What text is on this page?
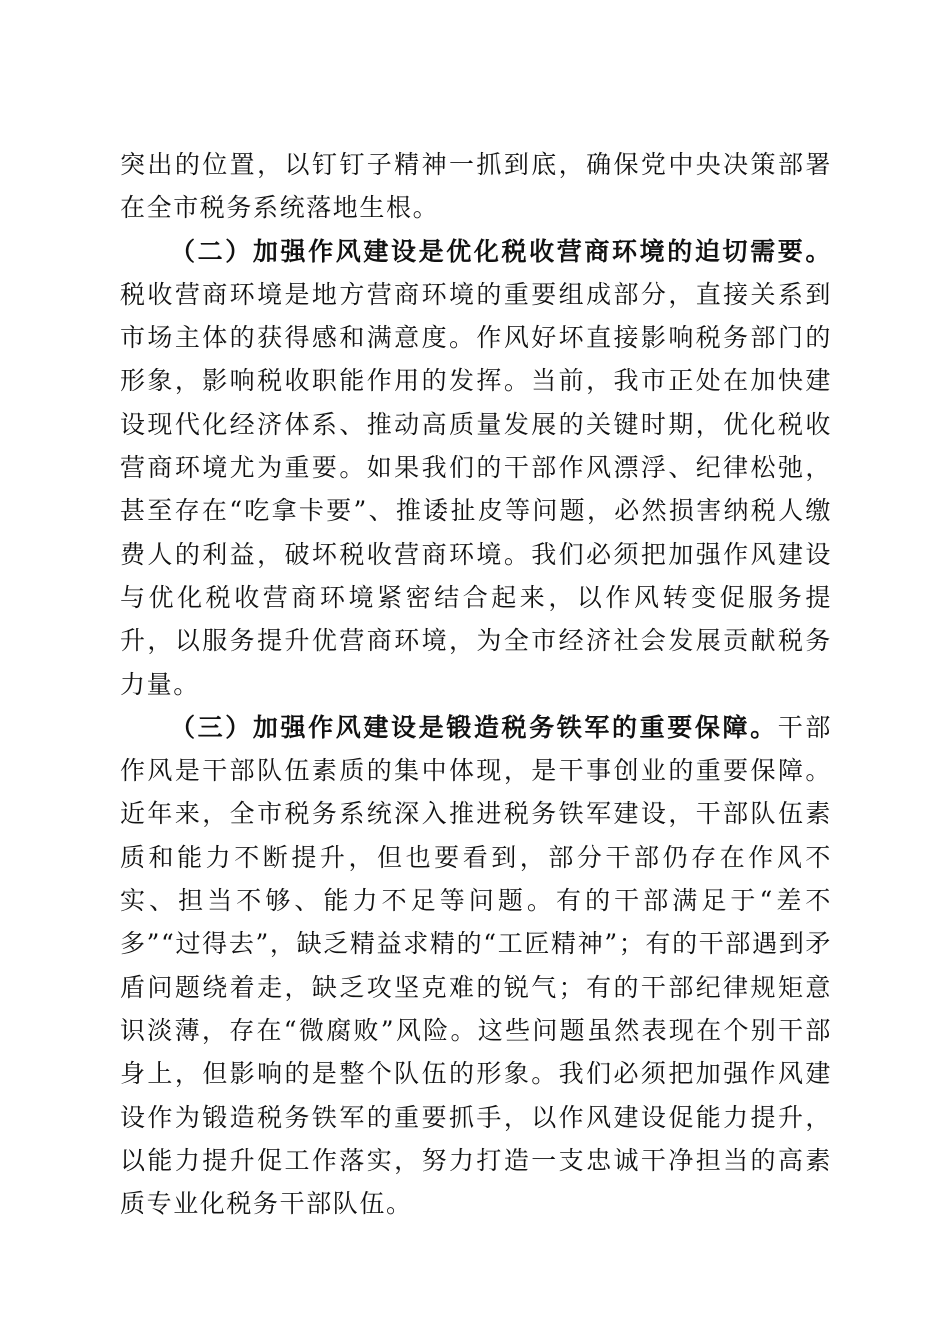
突出的位置，以钉钉子精神一抓到底，确保党中央决策部署在全市税务系统落地生根。

（二）加强作风建设是优化税收营商环境的迫切需要。税收营商环境是地方营商环境的重要组成部分，直接关系到市场主体的获得感和满意度。作风好坏直接影响税务部门的形象，影响税收职能作用的发挥。当前，我市正处在加快建设现代化经济体系、推动高质量发展的关键时期，优化税收营商环境尤为重要。如果我们的干部作风漂浮、纪律松弛，甚至存在“吃拿卡要”、推诿扯皮等问题，必然损害纳税人缴费人的利益，破坏税收营商环境。我们必须把加强作风建设与优化税收营商环境紧密结合起来，以作风转变促服务提升，以服务提升优营商环境，为全市经济社会发展贡献税务力量。

（三）加强作风建设是锻造税务铁军的重要保障。干部作风是干部队伍素质的集中体现，是干事创业的重要保障。近年来，全市税务系统深入推进税务铁军建设，干部队伍素质和能力不断提升，但也要看到，部分干部仍存在作风不实、担当不够、能力不足等问题。有的干部满足于“差不多”“过得去”，缺乏精益求精的“工匠精神”；有的干部遇到矛盾问题绕着走，缺乏攻坚克难的锐气；有的干部纪律规矩意识淡薄，存在“微腐败”风险。这些问题虽然表现在个别干部身上，但影响的是整个队伍的形象。我们必须把加强作风建设作为锻造税务铁军的重要抓手，以作风建设促能力提升，以能力提升促工作落实，努力打造一支忠诚干净担当的高素质专业化税务干部队伍。
